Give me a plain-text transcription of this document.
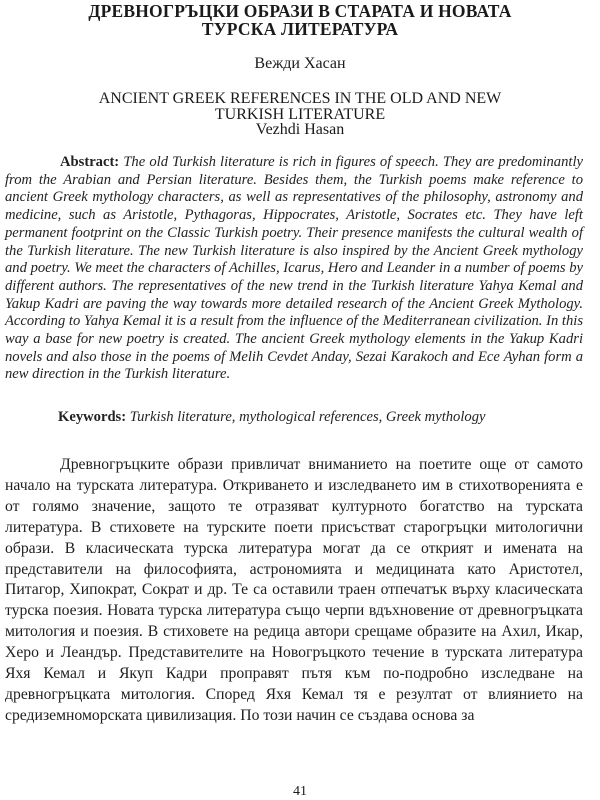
ДРЕВНОГРЪЦКИ ОБРАЗИ В СТАРАТА И НОВАТА
ТУРСКА ЛИТЕРАТУРА
Вежди Хасан
ANCIENT GREEK REFERENCES IN THE OLD AND NEW
TURKISH LITERATURE
Vezhdi Hasan
Abstract: The old Turkish literature is rich in figures of speech. They are predominantly from the Arabian and Persian literature. Besides them, the Turkish poems make reference to ancient Greek mythology characters, as well as representatives of the philosophy, astronomy and medicine, such as Aristotle, Pythagoras, Hippocrates, Aristotle, Socrates etc. They have left permanent footprint on the Classic Turkish poetry. Their presence manifests the cultural wealth of the Turkish literature. The new Turkish literature is also inspired by the Ancient Greek mythology and poetry. We meet the characters of Achilles, Icarus, Hero and Leander in a number of poems by different authors. The representatives of the new trend in the Turkish literature Yahya Kemal and Yakup Kadri are paving the way towards more detailed research of the Ancient Greek Mythology. According to Yahya Kemal it is a result from the influence of the Mediterranean civilization. In this way a base for new poetry is created. The ancient Greek mythology elements in the Yakup Kadri novels and also those in the poems of Melih Cevdet Anday, Sezai Karakoch and Ece Ayhan form a new direction in the Turkish literature.
Keywords: Turkish literature, mythological references, Greek mythology
Древногръцките образи привличат вниманието на поетите още от самото начало на турската литература. Откриването и изследването им в стихотворенията е от голямо значение, защото те отразяват културното богатство на турската литература. В стиховете на турските поети присъстват старогръцки митологични образи. В класическата турска литература могат да се открият и имената на представители на философията, астрономията и медицината като Аристотел, Питагор, Хипократ, Сократ и др. Те са оставили траен отпечатък върху класическата турска поезия. Новата турска литература също черпи вдъхновение от древногръцката митология и поезия. В стиховете на редица автори срещаме образите на Ахил, Икар, Херо и Леандър. Представителите на Новогръцкото течение в турската литература Яхя Кемал и Якуп Кадри проправят пътя към по-подробно изследване на древногръцката митология. Според Яхя Кемал тя е резултат от влиянието на средиземноморската цивилизация. По този начин се създава основа за
41
